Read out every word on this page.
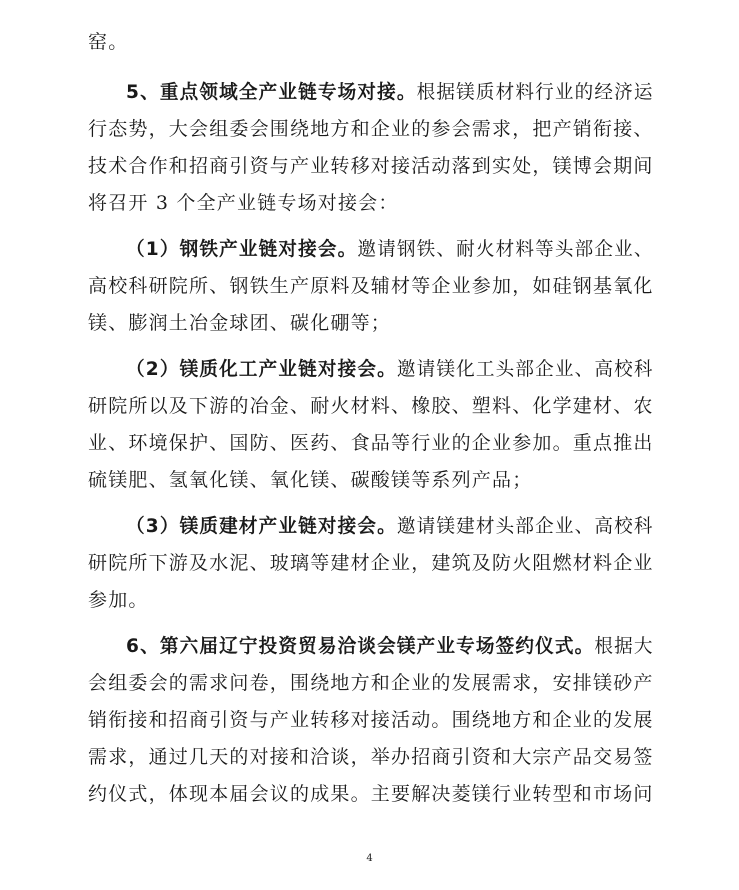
窑。
5、重点领域全产业链专场对接。根据镁质材料行业的经济运
行态势，大会组委会围绕地方和企业的参会需求，把产销衔接、
技术合作和招商引资与产业转移对接活动落到实处，镁博会期间
将召开 3 个全产业链专场对接会：
（1）钢铁产业链对接会。邀请钢铁、耐火材料等头部企业、
高校科研院所、钢铁生产原料及辅材等企业参加，如硅钢基氧化
镁、膨润土冶金球团、碳化硼等；
（2）镁质化工产业链对接会。邀请镁化工头部企业、高校科
研院所以及下游的冶金、耐火材料、橡胶、塑料、化学建材、农
业、环境保护、国防、医药、食品等行业的企业参加。重点推出
硫镁肥、氢氧化镁、氧化镁、碳酸镁等系列产品；
（3）镁质建材产业链对接会。邀请镁建材头部企业、高校科
研院所下游及水泥、玻璃等建材企业，建筑及防火阻燃材料企业
参加。
6、第六届辽宁投资贸易洽谈会镁产业专场签约仪式。根据大
会组委会的需求问卷，围绕地方和企业的发展需求，安排镁砂产
销衔接和招商引资与产业转移对接活动。围绕地方和企业的发展
需求，通过几天的对接和洽谈，举办招商引资和大宗产品交易签
约仪式，体现本届会议的成果。主要解决菱镁行业转型和市场问
4
